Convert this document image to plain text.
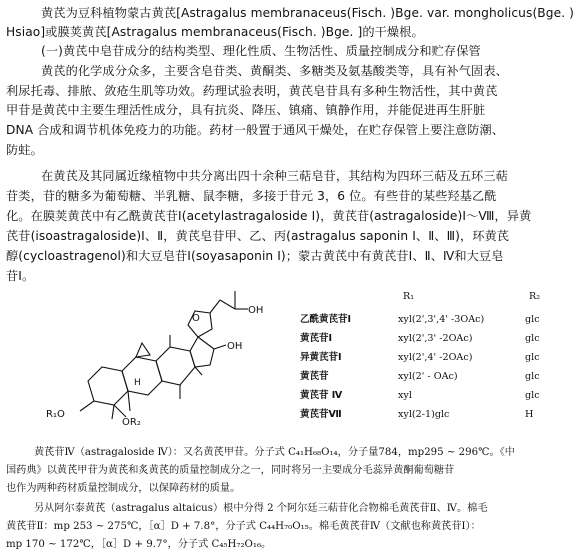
黄芪为豆科植物蒙古黄芪[Astragalus membranaceus(Fisch. )Bge. var. mongholicus(Bge. )
Hsiao]或膜荚黄芪[Astragalus membranaceus(Fisch. )Bge. ]的干燥根。
(一)黄芪中皂苷成分的结构类型、理化性质、生物活性、质量控制成分和贮存保管
黄芪的化学成分众多，主要含皂苷类、黄酮类、多糖类及氨基酸类等，具有补气固表、
利尿托毒、排脓、敛疮生肌等功效。药理试验表明，黄芪皂苷具有多种生物活性，其中黄芪
甲苷是黄芪中主要生理活性成分，具有抗炎、降压、镇痛、镇静作用，并能促进再生肝脏
DNA 合成和调节机体免疫力的功能。药材一般置于通风干燥处，在贮存保管上要注意防潮、
防蛀。
在黄芪及其同属近缘植物中共分离出四十余种三萜皂苷，其结构为四环三萜及五环三萜
苷类，苷的糖多为葡萄糖、半乳糖、鼠李糖，多接于苷元 3，6 位。有些苷的某些羟基乙酰
化。在膜荚黄芪中有乙酰黄芪苷Ⅰ(acetylastragaloside Ⅰ)，黄芪苷(astragaloside)Ⅰ～Ⅷ，异黄
芪苷(isoastragaloside)Ⅰ、Ⅱ，黄芪皂苷甲、乙、丙(astragalus saponin Ⅰ、Ⅱ、Ⅲ)，环黄芪
醇(cycloastragenol)和大豆皂苷Ⅰ(soyasaponin Ⅰ)；蒙古黄芪中有黄芪苷Ⅰ、Ⅱ、Ⅳ和大豆皂
苷Ⅰ。
OH
O
OH
H
R₁O
OR₂
R₁	R₂
乙酰黄芪苷Ⅰ	xyl(2',3',4' -3OAc)	glc
黄芪苷Ⅰ	xyl(2',3' -2OAc)	glc
异黄芪苷Ⅰ	xyl(2',4' -2OAc)	glc
黄芪苷	xyl(2' - OAc)	glc
黄芪苷 Ⅳ	xyl	glc
黄芪苷Ⅶ	xyl(2-1)glc	H
黄芪苷Ⅳ（astragaloside Ⅳ）：又名黄芪甲苷。分子式 C₄₁H₆₈O₁₄，分子量784，mp295 ~ 296℃。《中
国药典》以黄芪甲苷为黄芪和炙黄芪的质量控制成分之一，同时将另一主要成分毛蕊异黄酮葡萄糖苷
也作为两种药材质量控制成分，以保障药材的质量。
另从阿尔泰黄芪（astragalus altaicus）根中分得 2 个阿尔廷三萜苷化合物棉毛黄芪苷Ⅱ、Ⅳ。棉毛
黄芪苷Ⅱ：mp 253 ~ 275℃，［α］D + 7.8°，分子式 C₄₄H₇₀O₁₅。棉毛黄芪苷Ⅳ（文献也称黄芪苷Ⅰ）：
mp 170 ~ 172℃，［α］D + 9.7°，分子式 C₄₅H₇₂O₁₆。
